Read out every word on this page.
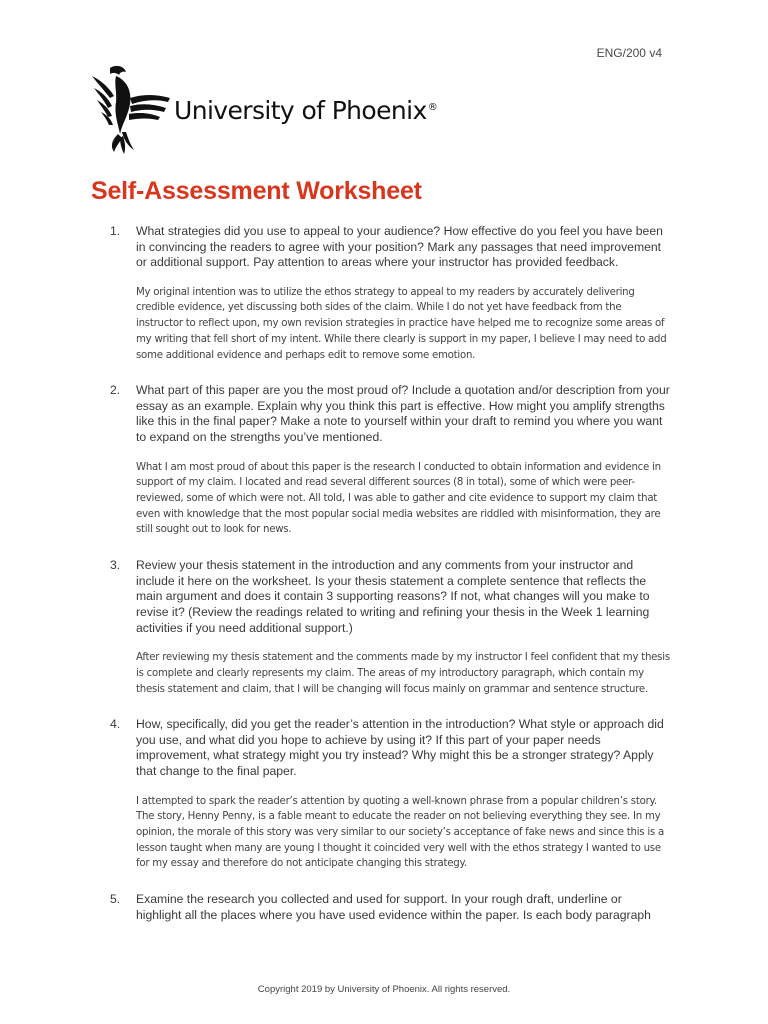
ENG/200 v4
University of Phoenix®
Self-Assessment Worksheet
1.	What strategies did you use to appeal to your audience? How effective do you feel you have been in convincing the readers to agree with your position? Mark any passages that need improvement or additional support. Pay attention to areas where your instructor has provided feedback.

My original intention was to utilize the ethos strategy to appeal to my readers by accurately delivering credible evidence, yet discussing both sides of the claim. While I do not yet have feedback from the instructor to reflect upon, my own revision strategies in practice have helped me to recognize some areas of my writing that fell short of my intent. While there clearly is support in my paper, I believe I may need to add some additional evidence and perhaps edit to remove some emotion.

2.	What part of this paper are you the most proud of? Include a quotation and/or description from your essay as an example. Explain why you think this part is effective. How might you amplify strengths like this in the final paper? Make a note to yourself within your draft to remind you where you want to expand on the strengths you’ve mentioned.

What I am most proud of about this paper is the research I conducted to obtain information and evidence in support of my claim. I located and read several different sources (8 in total), some of which were peer-reviewed, some of which were not. All told, I was able to gather and cite evidence to support my claim that even with knowledge that the most popular social media websites are riddled with misinformation, they are still sought out to look for news.

3.	Review your thesis statement in the introduction and any comments from your instructor and include it here on the worksheet. Is your thesis statement a complete sentence that reflects the main argument and does it contain 3 supporting reasons? If not, what changes will you make to revise it? (Review the readings related to writing and refining your thesis in the Week 1 learning activities if you need additional support.)

After reviewing my thesis statement and the comments made by my instructor I feel confident that my thesis is complete and clearly represents my claim. The areas of my introductory paragraph, which contain my thesis statement and claim, that I will be changing will focus mainly on grammar and sentence structure.

4.	How, specifically, did you get the reader’s attention in the introduction? What style or approach did you use, and what did you hope to achieve by using it? If this part of your paper needs improvement, what strategy might you try instead? Why might this be a stronger strategy? Apply that change to the final paper.

I attempted to spark the reader’s attention by quoting a well-known phrase from a popular children’s story. The story, Henny Penny, is a fable meant to educate the reader on not believing everything they see. In my opinion, the morale of this story was very similar to our society’s acceptance of fake news and since this is a lesson taught when many are young I thought it coincided very well with the ethos strategy I wanted to use for my essay and therefore do not anticipate changing this strategy.

5.	Examine the research you collected and used for support. In your rough draft, underline or highlight all the places where you have used evidence within the paper. Is each body paragraph

Copyright 2019 by University of Phoenix. All rights reserved.
